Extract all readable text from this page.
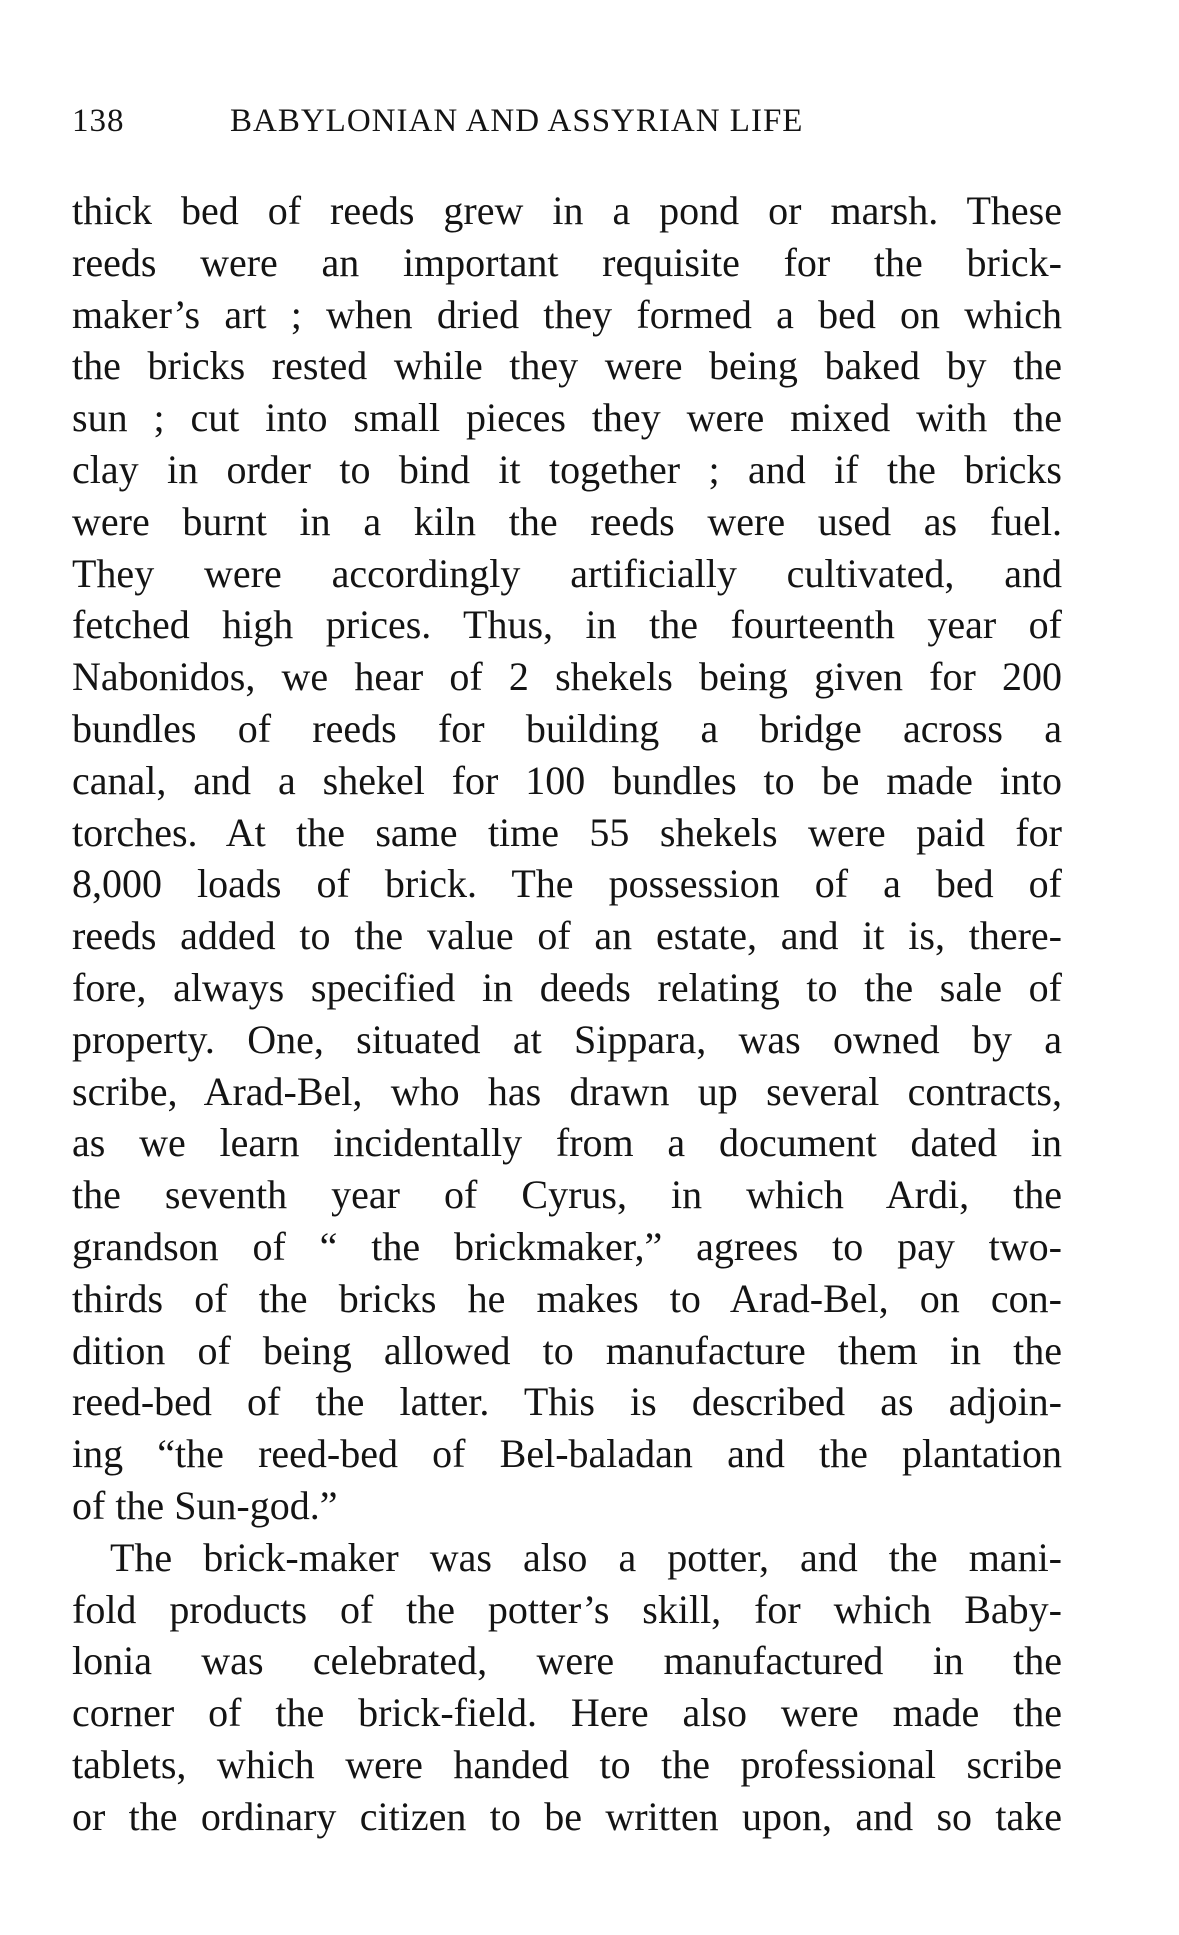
138	BABYLONIAN AND ASSYRIAN LIFE
thick bed of reeds grew in a pond or marsh. These
reeds were an important requisite for the brick-
maker’s art ; when dried they formed a bed on which
the bricks rested while they were being baked by the
sun ; cut into small pieces they were mixed with the
clay in order to bind it together ; and if the bricks
were burnt in a kiln the reeds were used as fuel.
They were accordingly artificially cultivated, and
fetched high prices. Thus, in the fourteenth year of
Nabonidos, we hear of 2 shekels being given for 200
bundles of reeds for building a bridge across a
canal, and a shekel for 100 bundles to be made into
torches. At the same time 55 shekels were paid for
8,000 loads of brick. The possession of a bed of
reeds added to the value of an estate, and it is, there-
fore, always specified in deeds relating to the sale of
property. One, situated at Sippara, was owned by a
scribe, Arad-Bel, who has drawn up several contracts,
as we learn incidentally from a document dated in
the seventh year of Cyrus, in which Ardi, the
grandson of “ the brickmaker,” agrees to pay two-
thirds of the bricks he makes to Arad-Bel, on con-
dition of being allowed to manufacture them in the
reed-bed of the latter. This is described as adjoin-
ing “the reed-bed of Bel-baladan and the plantation
of the Sun-god.”
The brick-maker was also a potter, and the mani-
fold products of the potter’s skill, for which Baby-
lonia was celebrated, were manufactured in the
corner of the brick-field. Here also were made the
tablets, which were handed to the professional scribe
or the ordinary citizen to be written upon, and so take
